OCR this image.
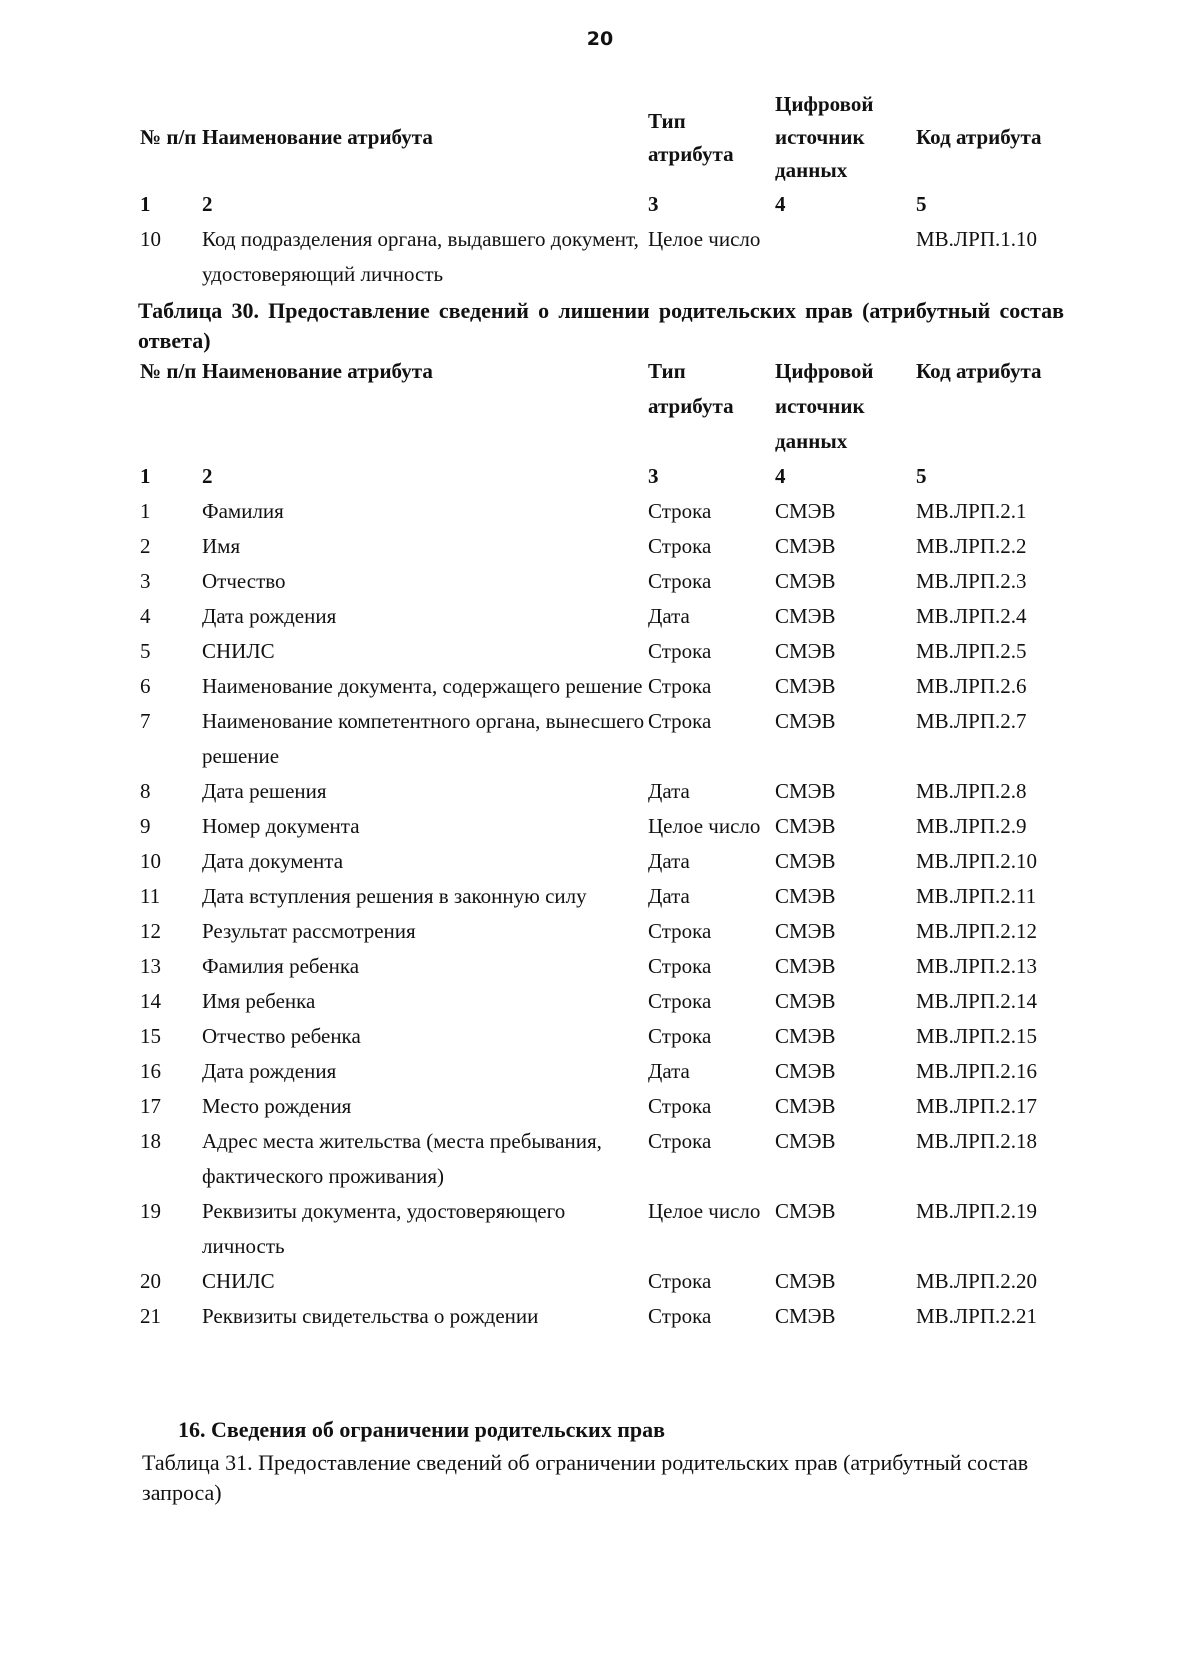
20
№ п/п	Наименование атрибута	Тип атрибута	Цифровой источник данных	Код атрибута
1	2	3	4	5
10	Код подразделения органа, выдавшего документ, удостоверяющий личность	Целое число		МВ.ЛРП.1.10
Таблица 30. Предоставление сведений о лишении родительских прав (атрибутный состав ответа)
№ п/п	Наименование атрибута	Тип атрибута	Цифровой источник данных	Код атрибута
1	2	3	4	5
1	Фамилия	Строка	СМЭВ	МВ.ЛРП.2.1
2	Имя	Строка	СМЭВ	МВ.ЛРП.2.2
3	Отчество	Строка	СМЭВ	МВ.ЛРП.2.3
4	Дата рождения	Дата	СМЭВ	МВ.ЛРП.2.4
5	СНИЛС	Строка	СМЭВ	МВ.ЛРП.2.5
6	Наименование документа, содержащего решение	Строка	СМЭВ	МВ.ЛРП.2.6
7	Наименование компетентного органа, вынесшего решение	Строка	СМЭВ	МВ.ЛРП.2.7
8	Дата решения	Дата	СМЭВ	МВ.ЛРП.2.8
9	Номер документа	Целое число	СМЭВ	МВ.ЛРП.2.9
10	Дата документа	Дата	СМЭВ	МВ.ЛРП.2.10
11	Дата вступления решения в законную силу	Дата	СМЭВ	МВ.ЛРП.2.11
12	Результат рассмотрения	Строка	СМЭВ	МВ.ЛРП.2.12
13	Фамилия ребенка	Строка	СМЭВ	МВ.ЛРП.2.13
14	Имя ребенка	Строка	СМЭВ	МВ.ЛРП.2.14
15	Отчество ребенка	Строка	СМЭВ	МВ.ЛРП.2.15
16	Дата рождения	Дата	СМЭВ	МВ.ЛРП.2.16
17	Место рождения	Строка	СМЭВ	МВ.ЛРП.2.17
18	Адрес места жительства (места пребывания, фактического проживания)	Строка	СМЭВ	МВ.ЛРП.2.18
19	Реквизиты документа, удостоверяющего личность	Целое число	СМЭВ	МВ.ЛРП.2.19
20	СНИЛС	Строка	СМЭВ	МВ.ЛРП.2.20
21	Реквизиты свидетельства о рождении	Строка	СМЭВ	МВ.ЛРП.2.21
16. Сведения об ограничении родительских прав
Таблица 31. Предоставление сведений об ограничении родительских прав (атрибутный состав запроса)
